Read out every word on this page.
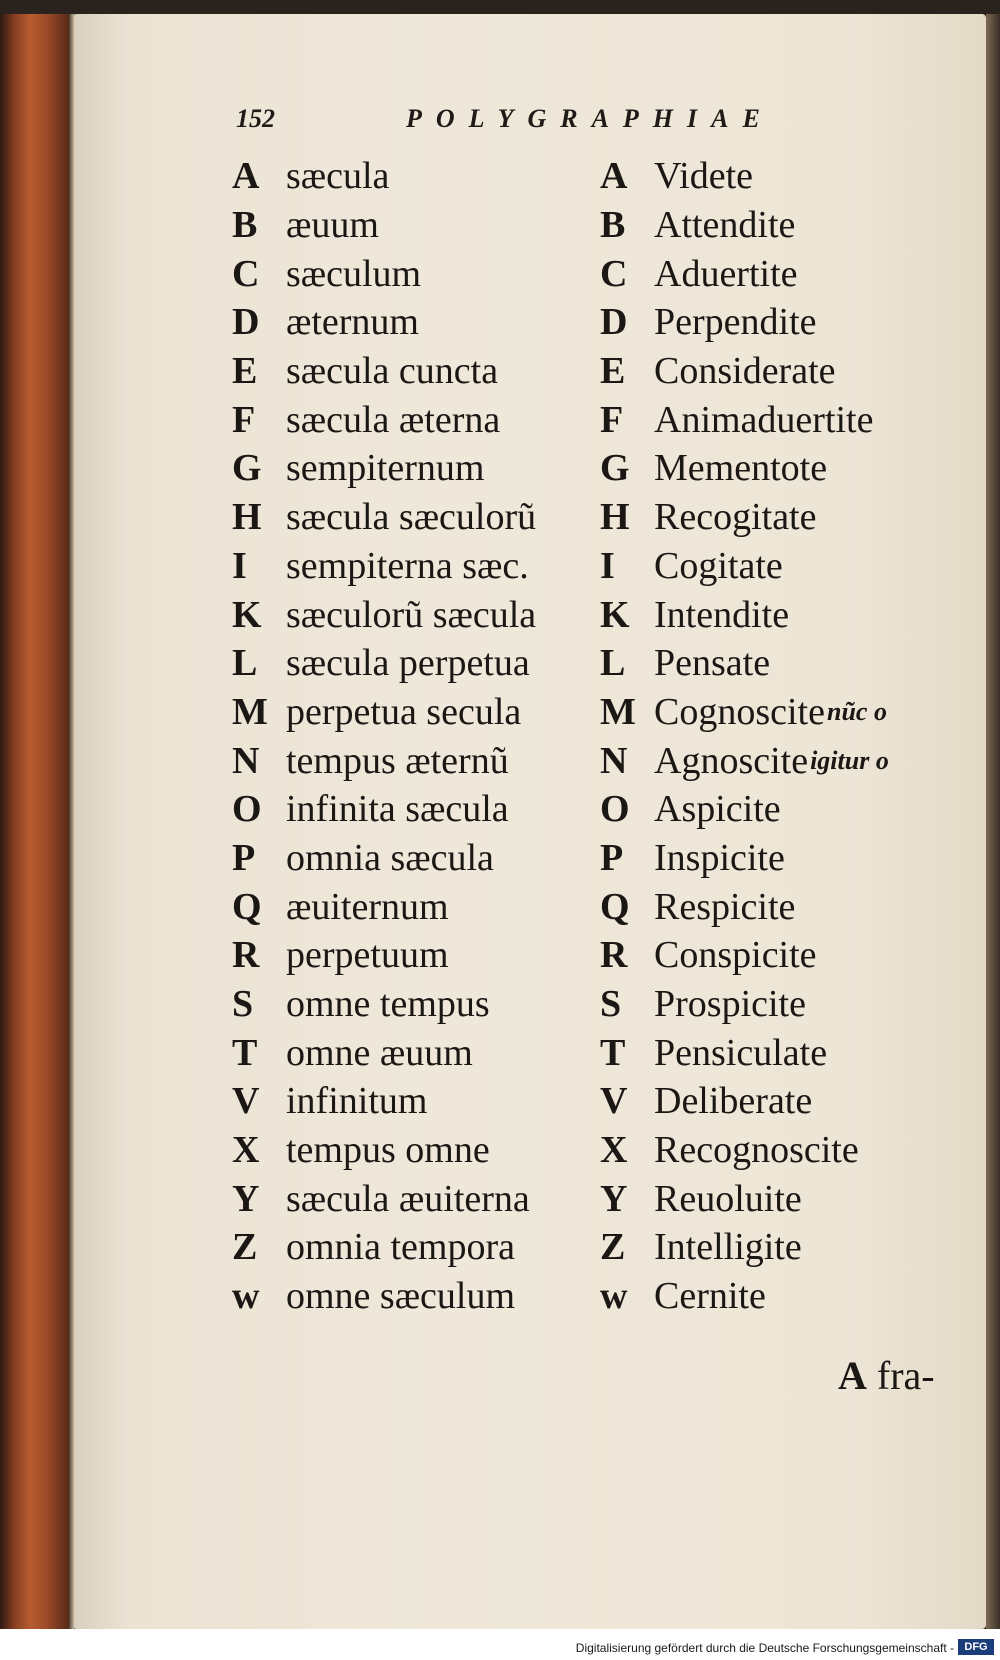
152	POLYGRAPHIAE
A sæcula
B æuum
C sæculum
D æternum
E sæcula cuncta
F sæcula æterna
G sempiternum
H sæcula sæculorũ
I	sempiterna sæc.
K sæculorũ sæcula
L sæcula perpetua
M perpetua secula
N tempus æternũ
O infinita sæcula
P omnia sæcula
Q æuiternum
R perpetuum
S omne tempus
T omne æuum
V infinitum
X tempus omne
Y sæcula æuiterna
Z omnia tempora
w omne sæculum
A Videte
B Attendite
C Aduertite
D Perpendite
E Considerate
F Animaduertite
G Mementote
H Recogitate
I	Cogitate
K Intendite
L Pensate
M Cognoscite nũc o
N Agnoscite igitur o
O Aspicite
P Inspicite
Q Respicite
R Conspicite
S Prospicite
T Pensiculate
V Deliberate
X Recognoscite
Y Reuoluite
Z Intelligite
w Cernite
A fra-
Digitalisierung gefördert durch die Deutsche Forschungsgemeinschaft - DFG
